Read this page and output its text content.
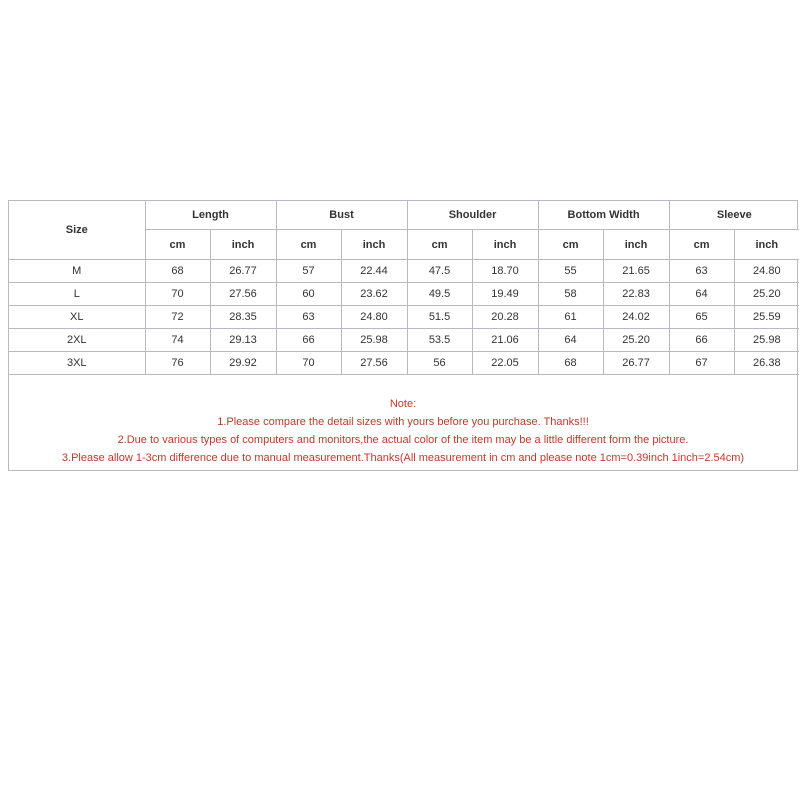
Size	Length		Bust		Shoulder		Bottom Width		Sleeve	
	cm	inch	cm	inch	cm	inch	cm	inch	cm	inch
M	68	26.77	57	22.44	47.5	18.70	55	21.65	63	24.80
L	70	27.56	60	23.62	49.5	19.49	58	22.83	64	25.20
XL	72	28.35	63	24.80	51.5	20.28	61	24.02	65	25.59
2XL	74	29.13	66	25.98	53.5	21.06	64	25.20	66	25.98
3XL	76	29.92	70	27.56	56	22.05	68	26.77	67	26.38
Note:
1.Please compare the detail sizes with yours before you purchase. Thanks!!!
2.Due to various types of computers and monitors,the actual color of the item may be a little different form the picture.
3.Please allow 1-3cm difference due to manual measurement.Thanks(All measurement in cm and please note 1cm=0.39inch 1inch=2.54cm)
